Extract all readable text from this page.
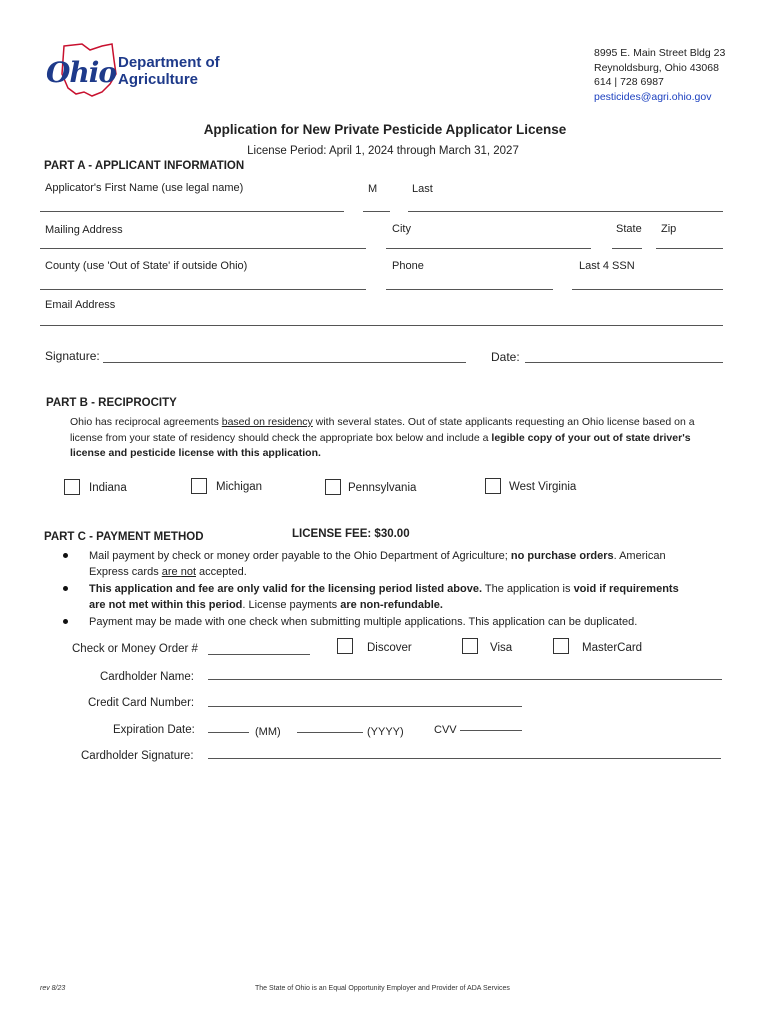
Ohio Department of
Agriculture
8995 E. Main Street Bldg 23
Reynoldsburg, Ohio 43068
614 | 728 6987
pesticides@agri.ohio.gov
Application for New Private Pesticide Applicator License
License Period: April 1, 2024 through March 31, 2027
PART A - APPLICANT INFORMATION
Applicator's First Name (use legal name)	M	Last
Mailing Address	City	State Zip
County (use 'Out of State' if outside Ohio)	Phone	Last 4 SSN
Email Address
Signature:	Date:
PART B - RECIPROCITY
Ohio has reciprocal agreements based on residency with several states. Out of state applicants requesting an Ohio license based on a
license from your state of residency should check the appropriate box below and include a legible copy of your out of state driver's
license and pesticide license with this application.
Indiana	Michigan	Pennsylvania	West Virginia
PART C - PAYMENT METHOD	LICENSE FEE: $30.00
Mail payment by check or money order payable to the Ohio Department of Agriculture; no purchase orders. American
Express cards are not accepted.
This application and fee are only valid for the licensing period listed above. The application is void if requirements
are not met within this period. License payments are non-refundable.
Payment may be made with one check when submitting multiple applications. This application can be duplicated.
Check or Money Order #	Discover	Visa	MasterCard
Cardholder Name:
Credit Card Number:
Expiration Date:	(MM)	(YYYY)	CVV
Cardholder Signature:
rev 8/23	The State of Ohio is an Equal Opportunity Employer and Provider of ADA Services
